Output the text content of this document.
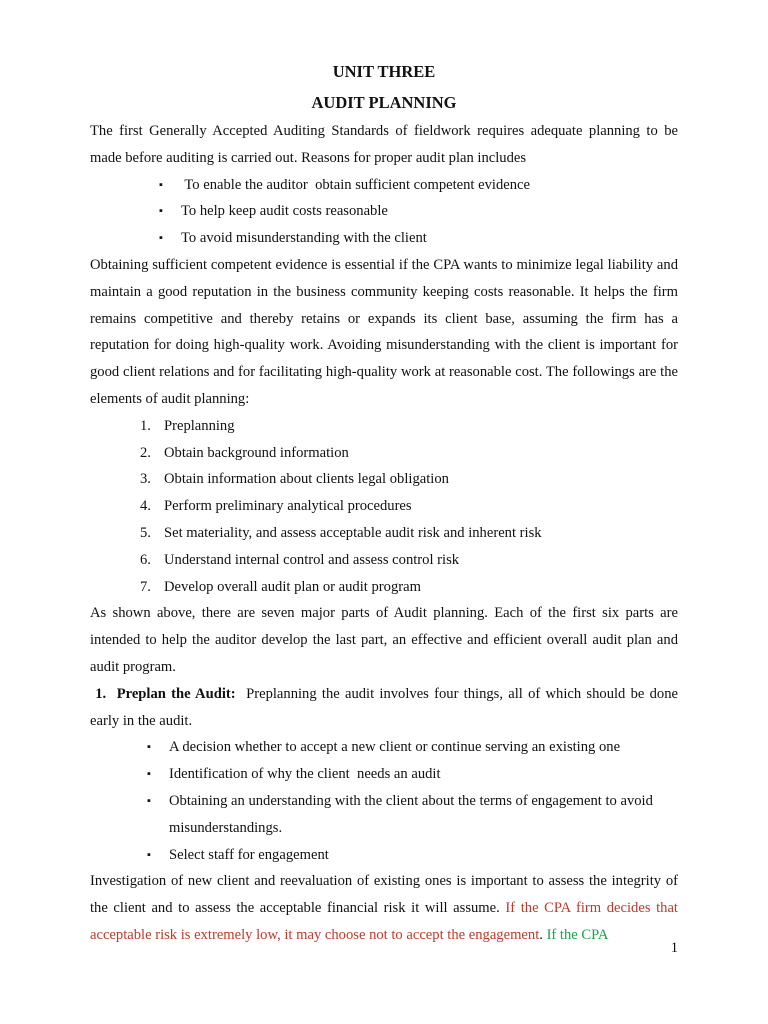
UNIT THREE
AUDIT PLANNING

The first Generally Accepted Auditing Standards of fieldwork requires adequate planning to be made before auditing is carried out. Reasons for proper audit plan includes

▪ To enable the auditor  obtain sufficient competent evidence
▪ To help keep audit costs reasonable
▪ To avoid misunderstanding with the client

Obtaining sufficient competent evidence is essential if the CPA wants to minimize legal liability and maintain a good reputation in the business community keeping costs reasonable. It helps the firm remains competitive and thereby retains or expands its client base, assuming the firm has a reputation for doing high-quality work. Avoiding misunderstanding with the client is important for good client relations and for facilitating high-quality work at reasonable cost. The followings are the elements of audit planning:

1. Preplanning
2. Obtain background information
3. Obtain information about clients legal obligation
4. Perform preliminary analytical procedures
5. Set materiality, and assess acceptable audit risk and inherent risk
6. Understand internal control and assess control risk
7. Develop overall audit plan or audit program

As shown above, there are seven major parts of Audit planning. Each of the first six parts are intended to help the auditor develop the last part, an effective and efficient overall audit plan and audit program.

1.  Preplan the Audit:  Preplanning the audit involves four things, all of which should be done early in the audit.

▪ A decision whether to accept a new client or continue serving an existing one
▪ Identification of why the client  needs an audit
▪ Obtaining an understanding with the client about the terms of engagement to avoid misunderstandings.
▪ Select staff for engagement

Investigation of new client and reevaluation of existing ones is important to assess the integrity of the client and to assess the acceptable financial risk it will assume. If the CPA firm decides that acceptable risk is extremely low, it may choose not to accept the engagement. If the CPA

1
